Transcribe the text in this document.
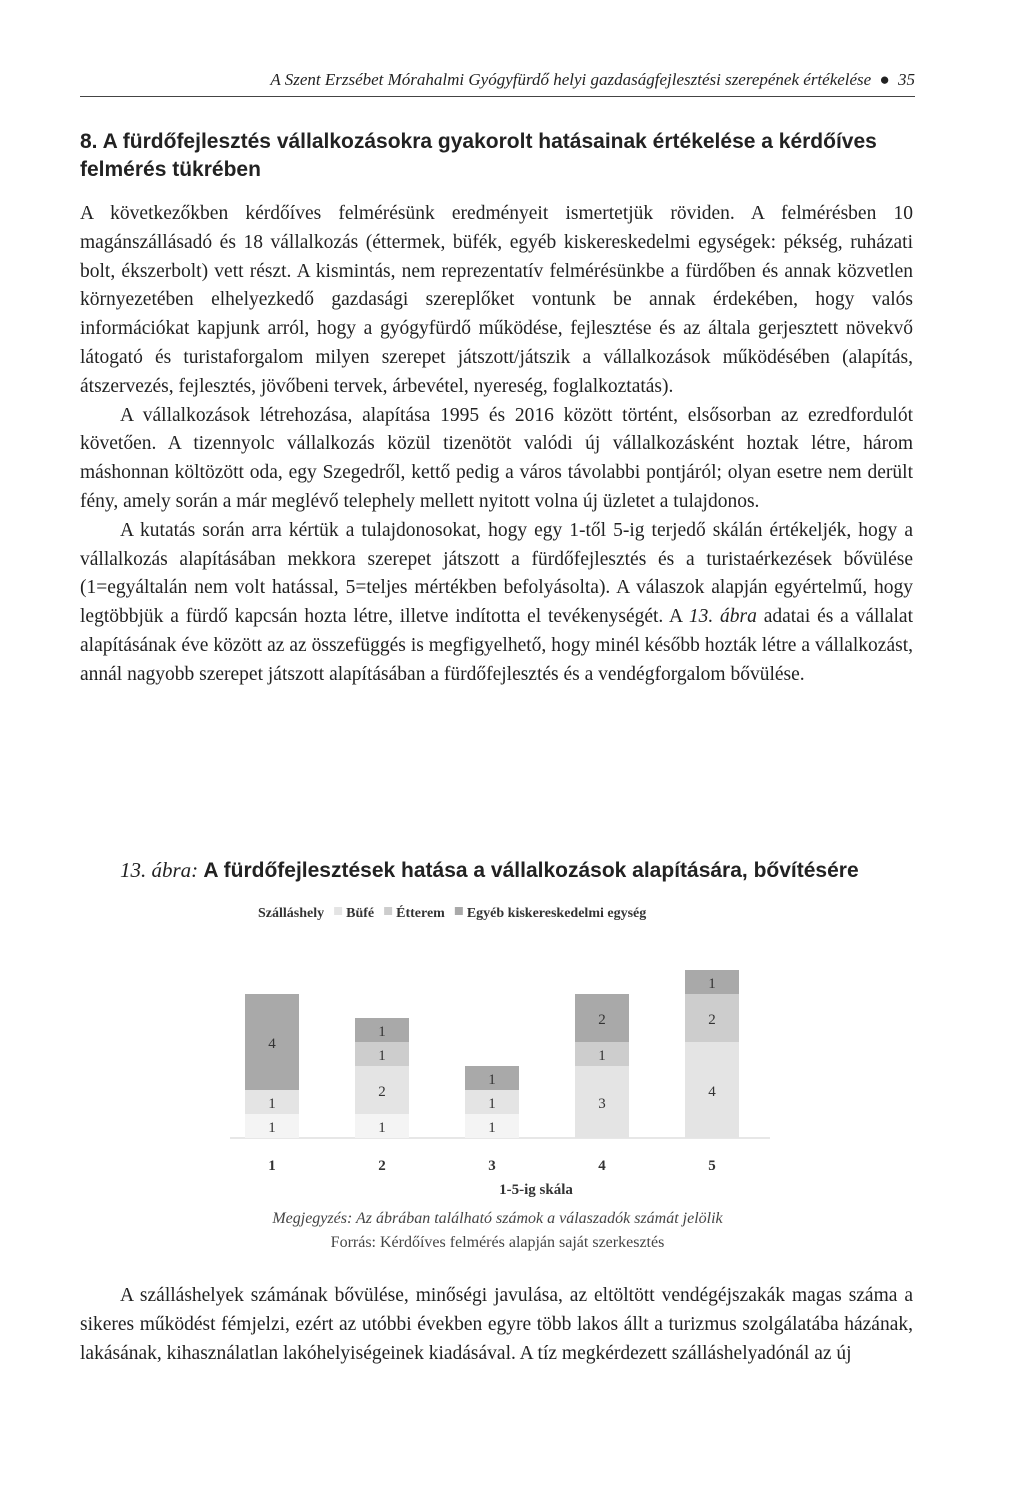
A Szent Erzsébet Mórahalmi Gyógyfürdő helyi gazdaságfejlesztési szerepének értékelése ● 35
8. A fürdőfejlesztés vállalkozásokra gyakorolt hatásainak értékelése a kérdőíves felmérés tükrében

A következőkben kérdőíves felmérésünk eredményeit ismertetjük röviden. A felmérésben 10 magánszállásadó és 18 vállalkozás (éttermek, büfék, egyéb kiskereskedelmi egységek: pékség, ruházati bolt, ékszerbolt) vett részt. A kismintás, nem reprezentatív felmérésünkbe a fürdőben és annak közvetlen környezetében elhelyezkedő gazdasági szereplőket vontunk be annak érdekében, hogy valós információkat kapjunk arról, hogy a gyógyfürdő működése, fejlesztése és az általa gerjesztett növekvő látogató és turistaforgalom milyen szerepet játszott/játszik a vállalkozások működésében (alapítás, átszervezés, fejlesztés, jövőbeni tervek, árbevétel, nyereség, foglalkoztatás).

A vállalkozások létrehozása, alapítása 1995 és 2016 között történt, elsősorban az ezredfordulót követően. A tizennyolc vállalkozás közül tizenötöt valódi új vállalkozásként hoztak létre, három máshonnan költözött oda, egy Szegedről, kettő pedig a város távolabbi pontjáról; olyan esetre nem derült fény, amely során a már meglévő telephely mellett nyitott volna új üzletet a tulajdonos.

A kutatás során arra kértük a tulajdonosokat, hogy egy 1-től 5-ig terjedő skálán értékeljék, hogy a vállalkozás alapításában mekkora szerepet játszott a fürdőfejlesztés és a turistaérkezések bővülése (1=egyáltalán nem volt hatással, 5=teljes mértékben befolyásolta). A válaszok alapján egyértelmű, hogy legtöbbjük a fürdő kapcsán hozta létre, illetve indította el tevékenységét. A 13. ábra adatai és a vállalat alapításának éve között az az összefüggés is megfigyelhető, hogy minél később hozták létre a vállalkozást, annál nagyobb szerepet játszott alapításában a fürdőfejlesztés és a vendégforgalom bővülése.

13. ábra: A fürdőfejlesztések hatása a vállalkozások alapítására, bővítésére
Szálláshely Büfé Étterem Egyéb kiskereskedelmi egység
1
1
4
1
2
1
1
1
1
1
3
1
2
4
2
1
1	2	3	4	5
1-5-ig skála
Megjegyzés: Az ábrában található számok a válaszadók számát jelölik
Forrás: Kérdőíves felmérés alapján saját szerkesztés

A szálláshelyek számának bővülése, minőségi javulása, az eltöltött vendégéjszakák magas száma a sikeres működést fémjelzi, ezért az utóbbi években egyre több lakos állt a turizmus szolgálatába házának, lakásának, kihasználatlan lakóhelyiségeinek kiadásával. A tíz megkérdezett szálláshelyadónál az új
